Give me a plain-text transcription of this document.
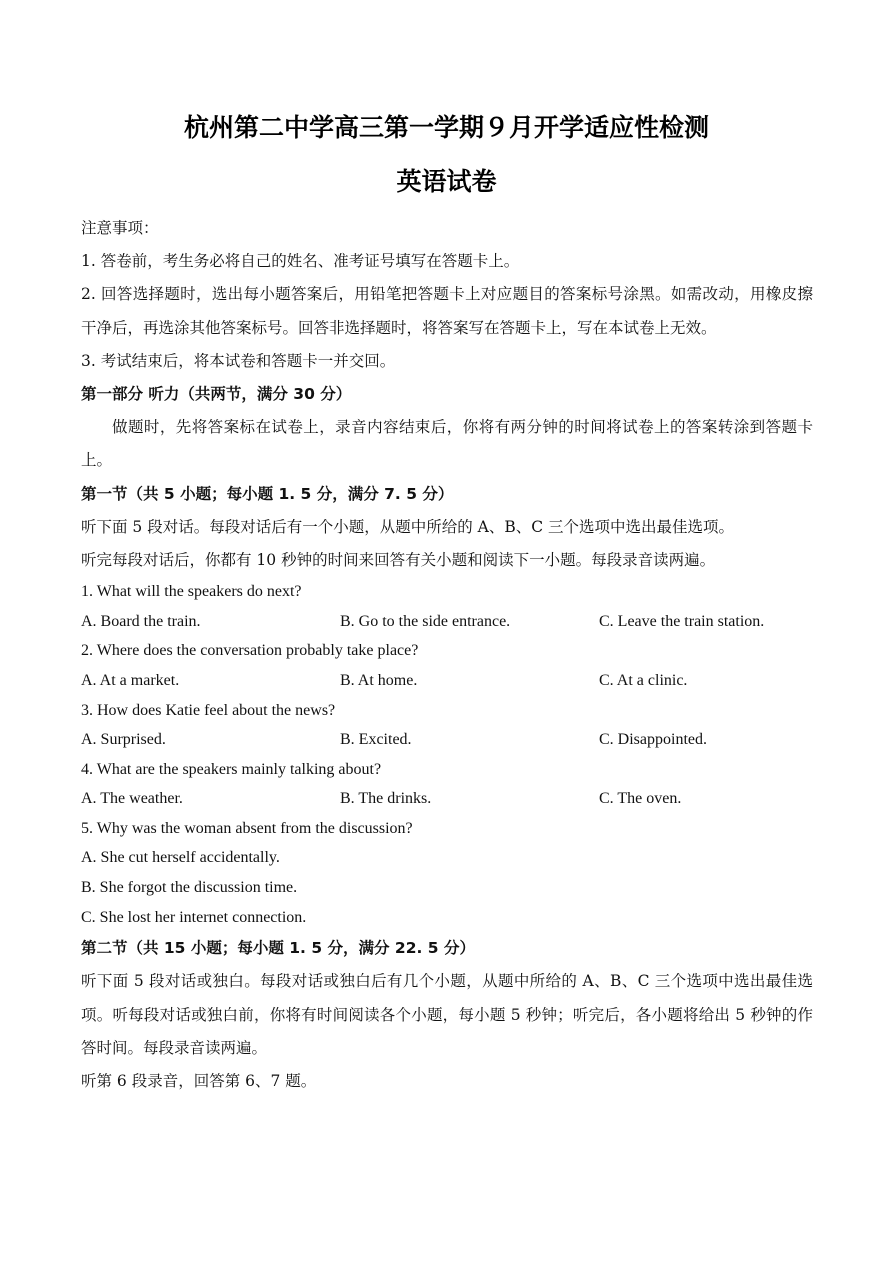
杭州第二中学高三第一学期９月开学适应性检测
英语试卷
注意事项：
1. 答卷前，考生务必将自己的姓名、准考证号填写在答题卡上。
2. 回答选择题时，选出每小题答案后，用铅笔把答题卡上对应题目的答案标号涂黑。如需改动，用橡皮擦干净后，再选涂其他答案标号。回答非选择题时，将答案写在答题卡上，写在本试卷上无效。
3. 考试结束后，将本试卷和答题卡一并交回。
第一部分 听力（共两节，满分 30 分）
做题时，先将答案标在试卷上，录音内容结束后，你将有两分钟的时间将试卷上的答案转涂到答题卡上。
第一节（共 5 小题；每小题 1. 5 分，满分 7. 5 分）
听下面 5 段对话。每段对话后有一个小题，从题中所给的 A、B、C 三个选项中选出最佳选项。
听完每段对话后，你都有 10 秒钟的时间来回答有关小题和阅读下一小题。每段录音读两遍。
1. What will the speakers do next?
A. Board the train.	B. Go to the side entrance.	C. Leave the train station.
2. Where does the conversation probably take place?
A. At a market.	B. At home.	C. At a clinic.
3. How does Katie feel about the news?
A. Surprised.	B. Excited.	C. Disappointed.
4. What are the speakers mainly talking about?
A. The weather.	B. The drinks.	C. The oven.
5. Why was the woman absent from the discussion?
A. She cut herself accidentally.
B. She forgot the discussion time.
C. She lost her internet connection.
第二节（共 15 小题；每小题 1. 5 分，满分 22. 5 分）
听下面 5 段对话或独白。每段对话或独白后有几个小题，从题中所给的 A、B、C 三个选项中选出最佳选项。听每段对话或独白前，你将有时间阅读各个小题，每小题 5 秒钟；听完后，各小题将给出 5 秒钟的作答时间。每段录音读两遍。
听第 6 段录音，回答第 6、7 题。
